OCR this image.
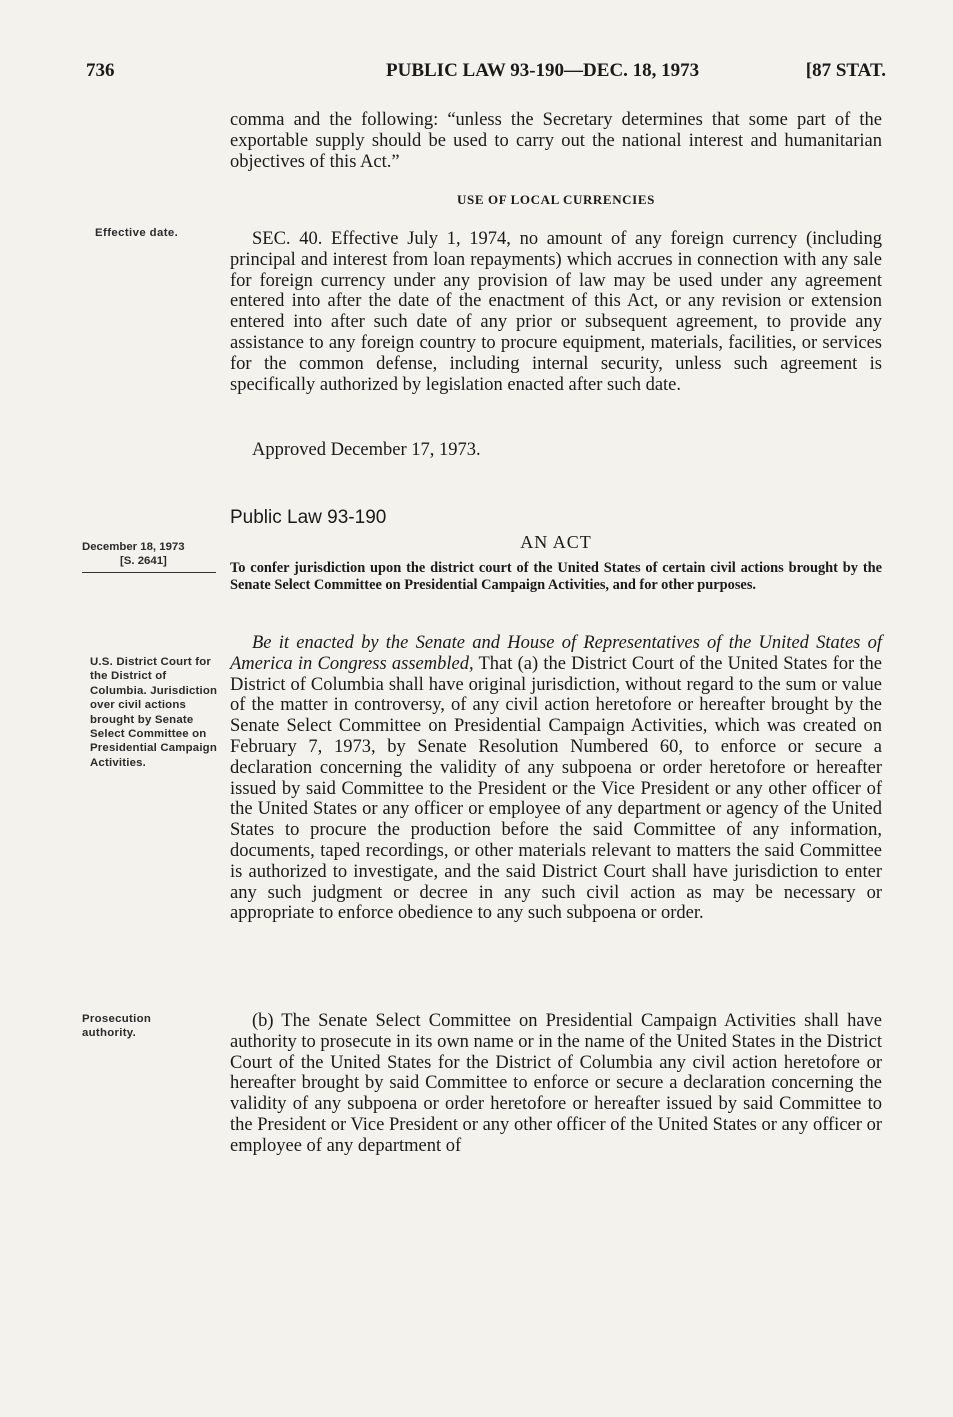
736	PUBLIC LAW 93-190—DEC. 18, 1973	[87 STAT.

comma and the following: “unless the Secretary determines that some part of the exportable supply should be used to carry out the national interest and humanitarian objectives of this Act.”

USE OF LOCAL CURRENCIES

SEC. 40. Effective July 1, 1974, no amount of any foreign currency (including principal and interest from loan repayments) which accrues in connection with any sale for foreign currency under any provision of law may be used under any agreement entered into after the date of the enactment of this Act, or any revision or extension entered into after such date of any prior or subsequent agreement, to provide any assistance to any foreign country to procure equipment, materials, facilities, or services for the common defense, including internal security, unless such agreement is specifically authorized by legislation enacted after such date.

Approved December 17, 1973.

Public Law 93-190
AN ACT

To confer jurisdiction upon the district court of the United States of certain civil actions brought by the Senate Select Committee on Presidential Campaign Activities, and for other purposes.

Be it enacted by the Senate and House of Representatives of the United States of America in Congress assembled, That (a) the District Court of the United States for the District of Columbia shall have original jurisdiction, without regard to the sum or value of the matter in controversy, of any civil action heretofore or hereafter brought by the Senate Select Committee on Presidential Campaign Activities, which was created on February 7, 1973, by Senate Resolution Numbered 60, to enforce or secure a declaration concerning the validity of any subpoena or order heretofore or hereafter issued by said Committee to the President or the Vice President or any other officer of the United States or any officer or employee of any department or agency of the United States to procure the production before the said Committee of any information, documents, taped recordings, or other materials relevant to matters the said Committee is authorized to investigate, and the said District Court shall have jurisdiction to enter any such judgment or decree in any such civil action as may be necessary or appropriate to enforce obedience to any such subpoena or order.

(b) The Senate Select Committee on Presidential Campaign Activities shall have authority to prosecute in its own name or in the name of the United States in the District Court of the United States for the District of Columbia any civil action heretofore or hereafter brought by said Committee to enforce or secure a declaration concerning the validity of any subpoena or order heretofore or hereafter issued by said Committee to the President or Vice President or any other officer of the United States or any officer or employee of any department of

Effective date.
December 18, 1973
[S. 2641]
U.S. District Court for the District of Columbia. Jurisdiction over civil actions brought by Senate Select Committee on Presidential Campaign Activities.
Prosecution authority.
